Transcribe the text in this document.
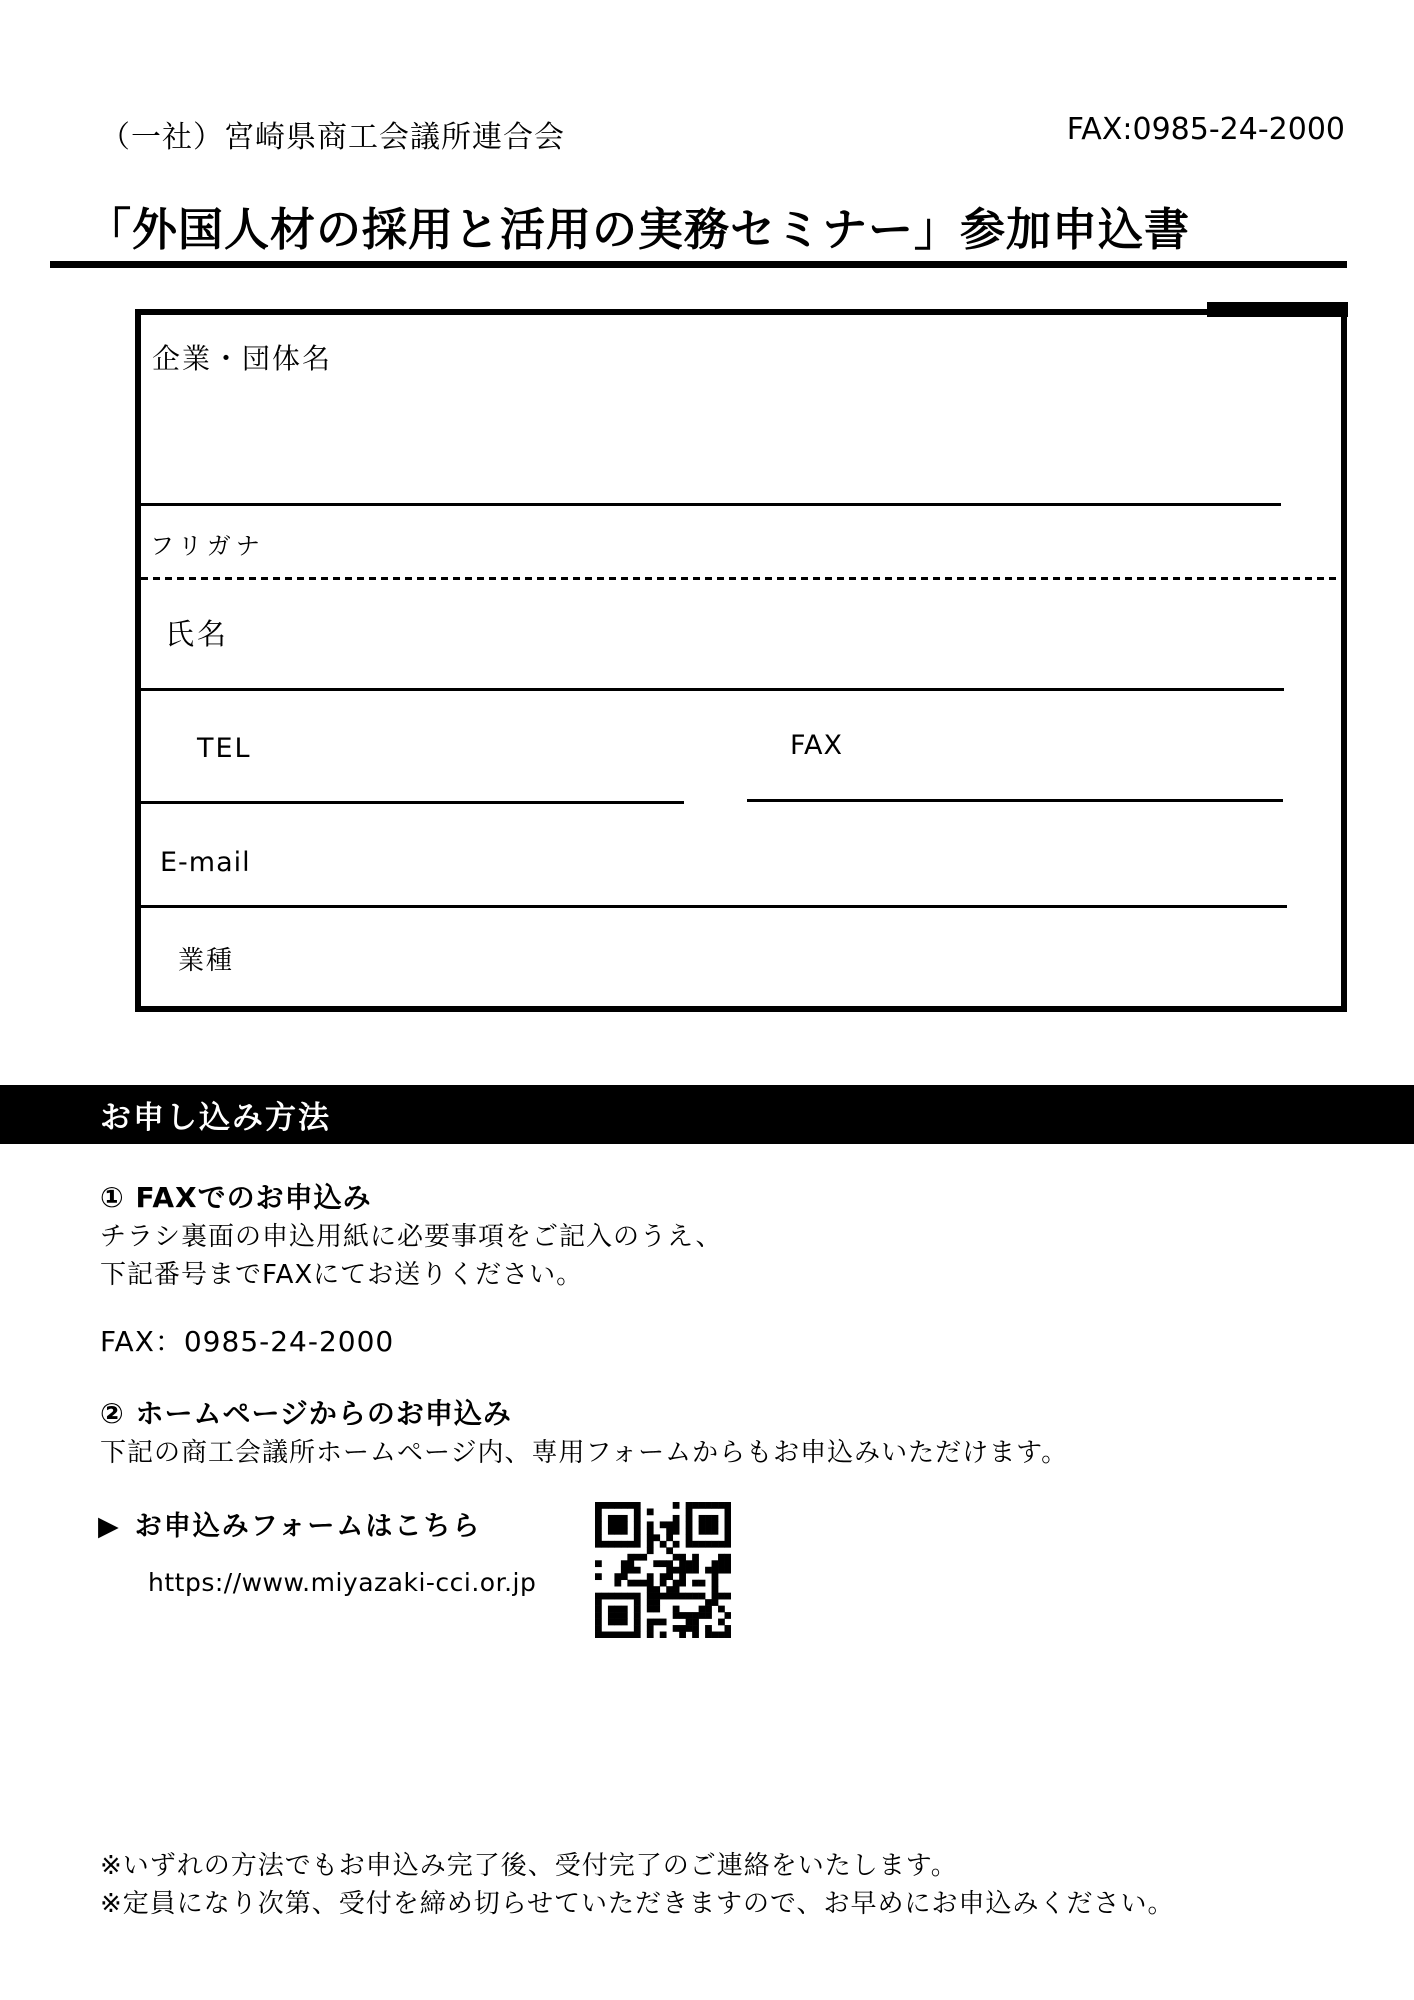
（一社）宮崎県商工会議所連合会	FAX:0985-24-2000
「外国人材の採用と活用の実務セミナー」参加申込書
企業・団体名
フリガナ
氏名
TEL	FAX
E-mail
業種
お申し込み方法
① FAXでのお申込み
チラシ裏面の申込用紙に必要事項をご記入のうえ、
下記番号までFAXにてお送りください。
FAX：0985-24-2000
② ホームページからのお申込み
下記の商工会議所ホームページ内、専用フォームからもお申込みいただけます。
▶ お申込みフォームはこちら
https://www.miyazaki-cci.or.jp
※いずれの方法でもお申込み完了後、受付完了のご連絡をいたします。
※定員になり次第、受付を締め切らせていただきますので、お早めにお申込みください。
